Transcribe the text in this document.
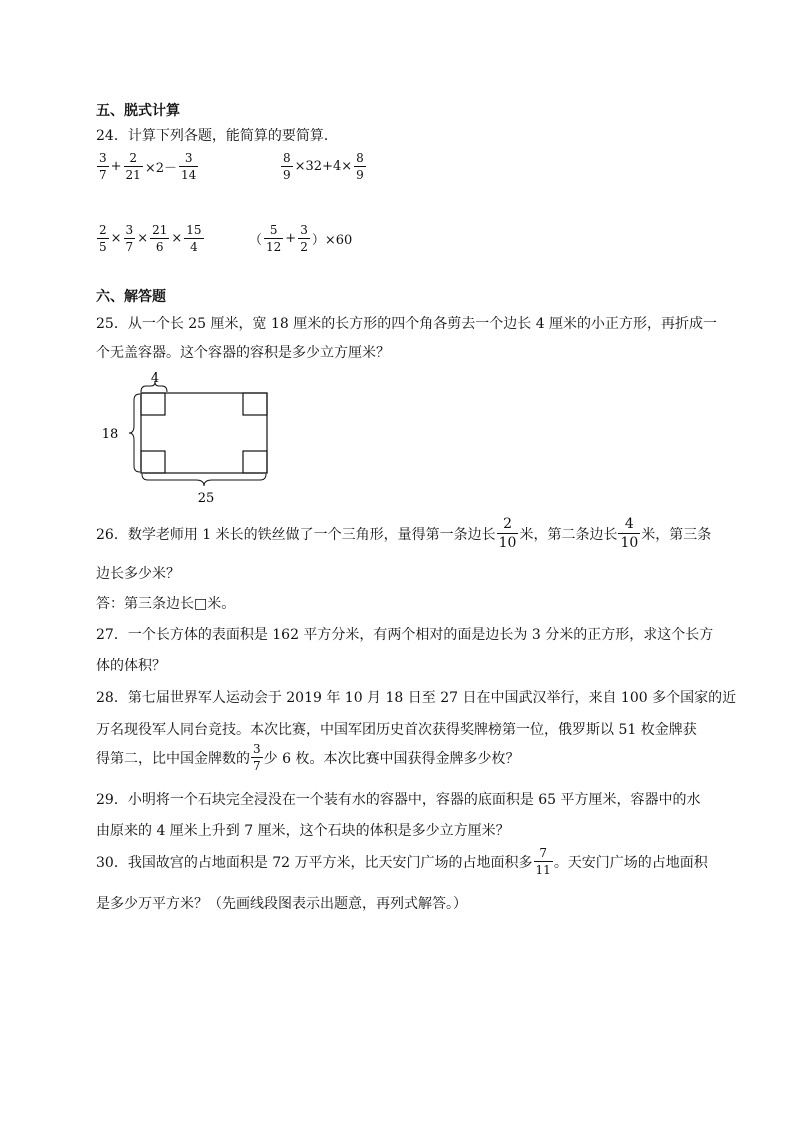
五、脱式计算
24．计算下列各题，能简算的要简算．
$\frac{3}{7} + \frac{2}{21} \times 2- \frac{3}{14}$	$\frac{8}{9} \times 32+4\times \frac{8}{9}$
$\frac{2}{5} \times \frac{3}{7} \times \frac{21}{6} \times \frac{15}{4}$	（ $\frac{5}{12} + \frac{3}{2} )\times 60$
六、解答题
25．从一个长 25 厘米，宽 18 厘米的长方形的四个角各剪去一个边长 4 厘米的小正方形，再折成一
个无盖容器。这个容器的容积是多少立方厘米？
4
18
25
26．数学老师用 1 米长的铁丝做了一个三角形，量得第一条边长 $\frac{2}{10}$ 米，第二条边长 $\frac{4}{10}$ 米，第三条
边长多少米？
答：第三条边长□米。
27．一个长方体的表面积是 162 平方分米，有两个相对的面是边长为 3 分米的正方形，求这个长方
体的体积？
28．第七届世界军人运动会于 2019 年 10 月 18 日至 27 日在中国武汉举行，来自 100 多个国家的近
万名现役军人同台竞技。本次比赛，中国军团历史首次获得奖牌榜第一位，俄罗斯以 51 枚金牌获
得第二，比中国金牌数的 $\frac{3}{7}$ 少 6 枚。本次比赛中国获得金牌多少枚？
29．小明将一个石块完全浸没在一个装有水的容器中，容器的底面积是 65 平方厘米，容器中的水
由原来的 4 厘米上升到 7 厘米，这个石块的体积是多少立方厘米？
30．我国故宫的占地面积是 72 万平方米，比天安门广场的占地面积多 $\frac{7}{11}$ 。天安门广场的占地面积
是多少万平方米？（先画线段图表示出题意，再列式解答。）
